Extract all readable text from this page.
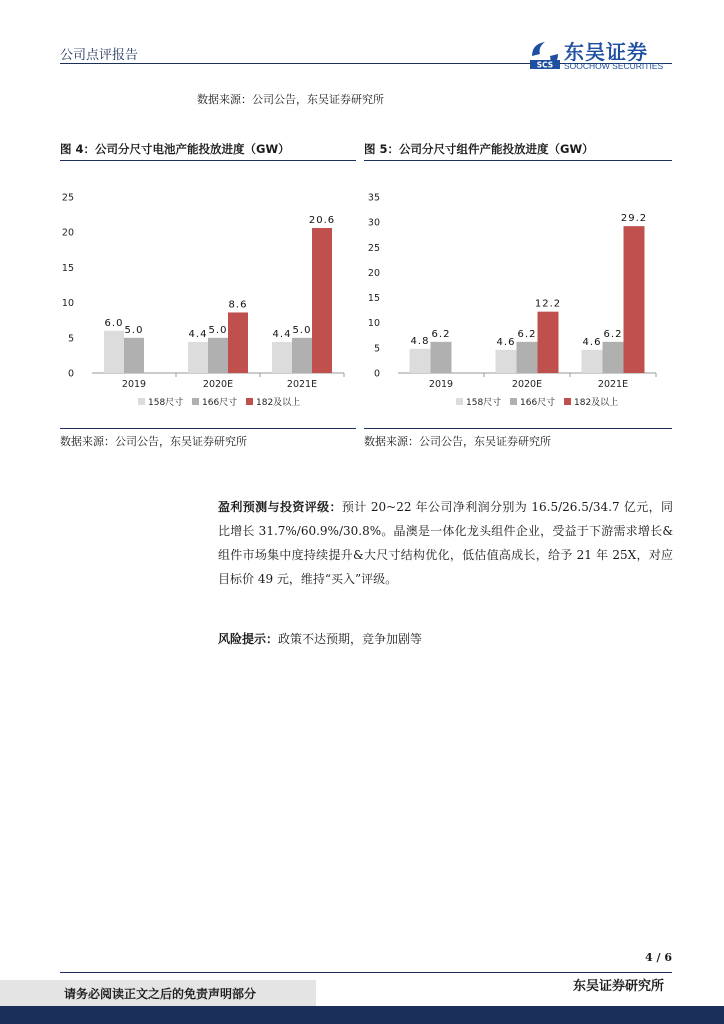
公司点评报告
SCS
东吴证券
SOOCHOW SECURITIES
数据来源：公司公告，东吴证券研究所
图 4：公司分尺寸电池产能投放进度（GW）
0
5
10
15
20
25
2019
6.0
5.0
2020E
4.4 5.0
8.6
2021E
4.4 5.0
20.6
158尺寸 166尺寸 182及以上
数据来源：公司公告，东吴证券研究所
图 5：公司分尺寸组件产能投放进度（GW）
0
5
10
15
20
25
30
35
2019
4.8
6.2
2020E
4.6
6.2
12.2
2021E
4.6
6.2
29.2
158尺寸 166尺寸 182及以上
数据来源：公司公告，东吴证券研究所
盈利预测与投资评级：预计 20~22 年公司净利润分别为 16.5/26.5/34.7 亿元，同比增长 31.7%/60.9%/30.8%。晶澳是一体化龙头组件企业，受益于下游需求增长&组件市场集中度持续提升&大尺寸结构优化，低估值高成长，给予 21 年 25X，对应目标价 49 元，维持“买入”评级。
风险提示：政策不达预期，竞争加剧等
4 / 6
请务必阅读正文之后的免责声明部分	东吴证券研究所
